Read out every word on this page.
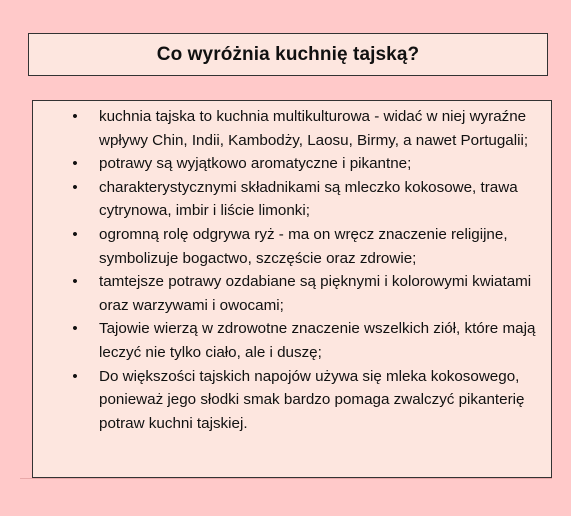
Co wyróżnia kuchnię tajską?
• kuchnia tajska to kuchnia multikulturowa - widać w niej wyraźne wpływy Chin, Indii, Kambodży, Laosu, Birmy, a nawet Portugalii;
• potrawy są wyjątkowo aromatyczne i pikantne;
• charakterystycznymi składnikami są mleczko kokosowe, trawa cytrynowa, imbir i liście limonki;
• ogromną rolę odgrywa ryż - ma on wręcz znaczenie religijne, symbolizuje bogactwo, szczęście oraz zdrowie;
• tamtejsze potrawy ozdabiane są pięknymi i kolorowymi kwiatami oraz warzywami i owocami;
• Tajowie wierzą w zdrowotne znaczenie wszelkich ziół, które mają leczyć nie tylko ciało, ale i duszę;
• Do większości tajskich napojów używa się mleka kokosowego, ponieważ jego słodki smak bardzo pomaga zwalczyć pikanterię potraw kuchni tajskiej.
